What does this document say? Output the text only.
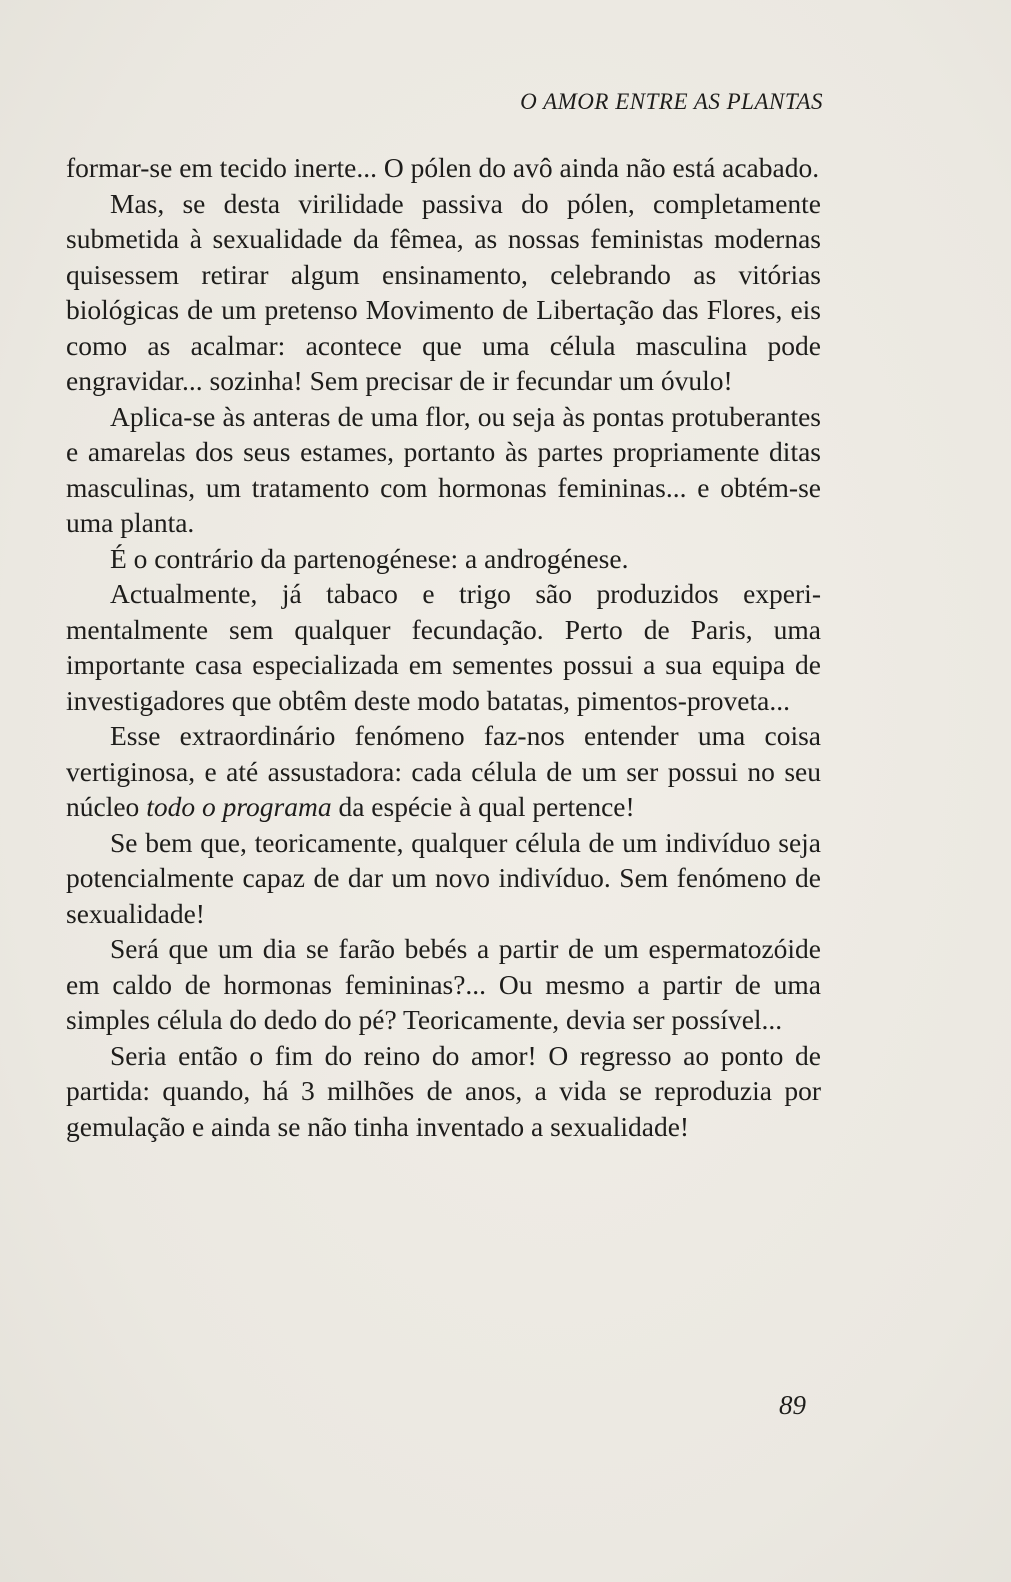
O AMOR ENTRE AS PLANTAS

formar-se em tecido inerte... O pólen do avô ainda não está acabado.

Mas, se desta virilidade passiva do pólen, completamente submetida à sexualidade da fêmea, as nossas feministas modernas quisessem retirar algum ensinamento, celebrando as vitórias biológicas de um pretenso Movimento de Libertação das Flores, eis como as acalmar: acontece que uma célula masculina pode engravidar... sozinha! Sem precisar de ir fecundar um óvulo!

Aplica-se às anteras de uma flor, ou seja às pontas protuberantes e amarelas dos seus estames, portanto às partes propriamente ditas masculinas, um tratamento com hormonas femininas... e obtém-se uma planta.

É o contrário da partenogénese: a androgénese.

Actualmente, já tabaco e trigo são produzidos experimentalmente sem qualquer fecundação. Perto de Paris, uma importante casa especializada em sementes possui a sua equipa de investigadores que obtêm deste modo batatas, pimentos-proveta...

Esse extraordinário fenómeno faz-nos entender uma coisa vertiginosa, e até assustadora: cada célula de um ser possui no seu núcleo todo o programa da espécie à qual pertence!

Se bem que, teoricamente, qualquer célula de um indivíduo seja potencialmente capaz de dar um novo indivíduo. Sem fenómeno de sexualidade!

Será que um dia se farão bebés a partir de um espermatozóide em caldo de hormonas femininas?... Ou mesmo a partir de uma simples célula do dedo do pé? Teoricamente, devia ser possível...

Seria então o fim do reino do amor! O regresso ao ponto de partida: quando, há 3 milhões de anos, a vida se reproduzia por gemulação e ainda se não tinha inventado a sexualidade!

89
